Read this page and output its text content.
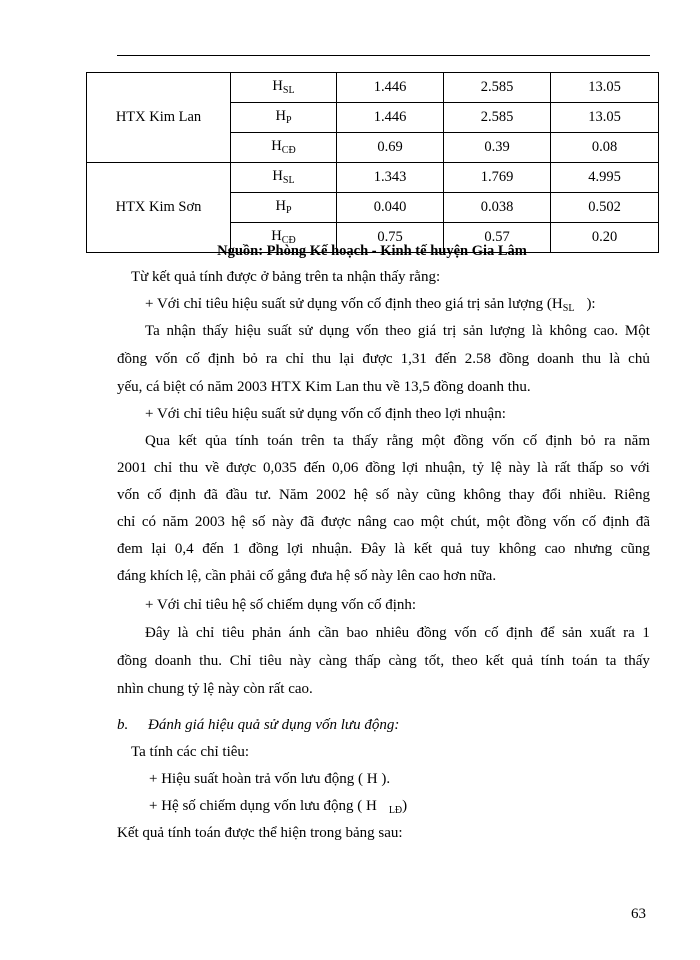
HTX Kim Lan	$H_{SL}$	1.446	2.585	13.05
	$H_P$	1.446	2.585	13.05
	$H_{CĐ}$	0.69	0.39	0.08
HTX Kim Sơn	$H_{SL}$	1.343	1.769	4.995
	$H_P$	0.040	0.038	0.502
	$H_{CĐ}$	0.75	0.57	0.20
Nguồn: Phòng Kế hoạch - Kinh tế huyện Gia Lâm
Từ kết quả tính được ở bảng trên ta nhận thấy rằng:
+ Với chỉ tiêu hiệu suất sử dụng vốn cố định theo giá trị sản lượng ($H_{SL}$ ):
Ta nhận thấy hiệu suất sử dụng vốn theo giá trị sản lượng là không cao. Một
đồng vốn cố định bỏ ra chỉ thu lại được 1,31 đến 2.58 đồng doanh thu là chủ
yếu, cá biệt có năm 2003 HTX Kim Lan thu về 13,5 đồng doanh thu.
+ Với chỉ tiêu hiệu suất sử dụng vốn cố định theo lợi nhuận:
Qua kết qủa tính toán trên ta thấy rằng một đồng vốn cố định bỏ ra năm
2001 chỉ thu về được 0,035 đến 0,06 đồng lợi nhuận, tỷ lệ này là rất thấp so với
vốn cố định đã đầu tư. Năm 2002 hệ số này cũng không thay đổi nhiều. Riêng
chỉ có năm 2003 hệ số này đã được nâng cao một chút, một đồng vốn cố định đã
đem lại 0,4 đến 1 đồng lợi nhuận. Đây là kết quả tuy không cao nhưng cũng
đáng khích lệ, cần phải cố gắng đưa hệ số này lên cao hơn nữa.
+ Với chỉ tiêu hệ số chiếm dụng vốn cố định:
Đây là chỉ tiêu phản ánh cần bao nhiêu đồng vốn cố định để sản xuất ra 1
đồng doanh thu. Chỉ tiêu này càng thấp càng tốt, theo kết quả tính toán ta thấy
nhìn chung tỷ lệ này còn rất cao.
b. Đánh giá hiệu quả sử dụng vốn lưu động:
Ta tính các chỉ tiêu:
+ Hiệu suất hoàn trả vốn lưu động ( H ).
+ Hệ số chiếm dụng vốn lưu động ( H $_{LĐ}$)
Kết quả tính toán được thể hiện trong bảng sau:
63
